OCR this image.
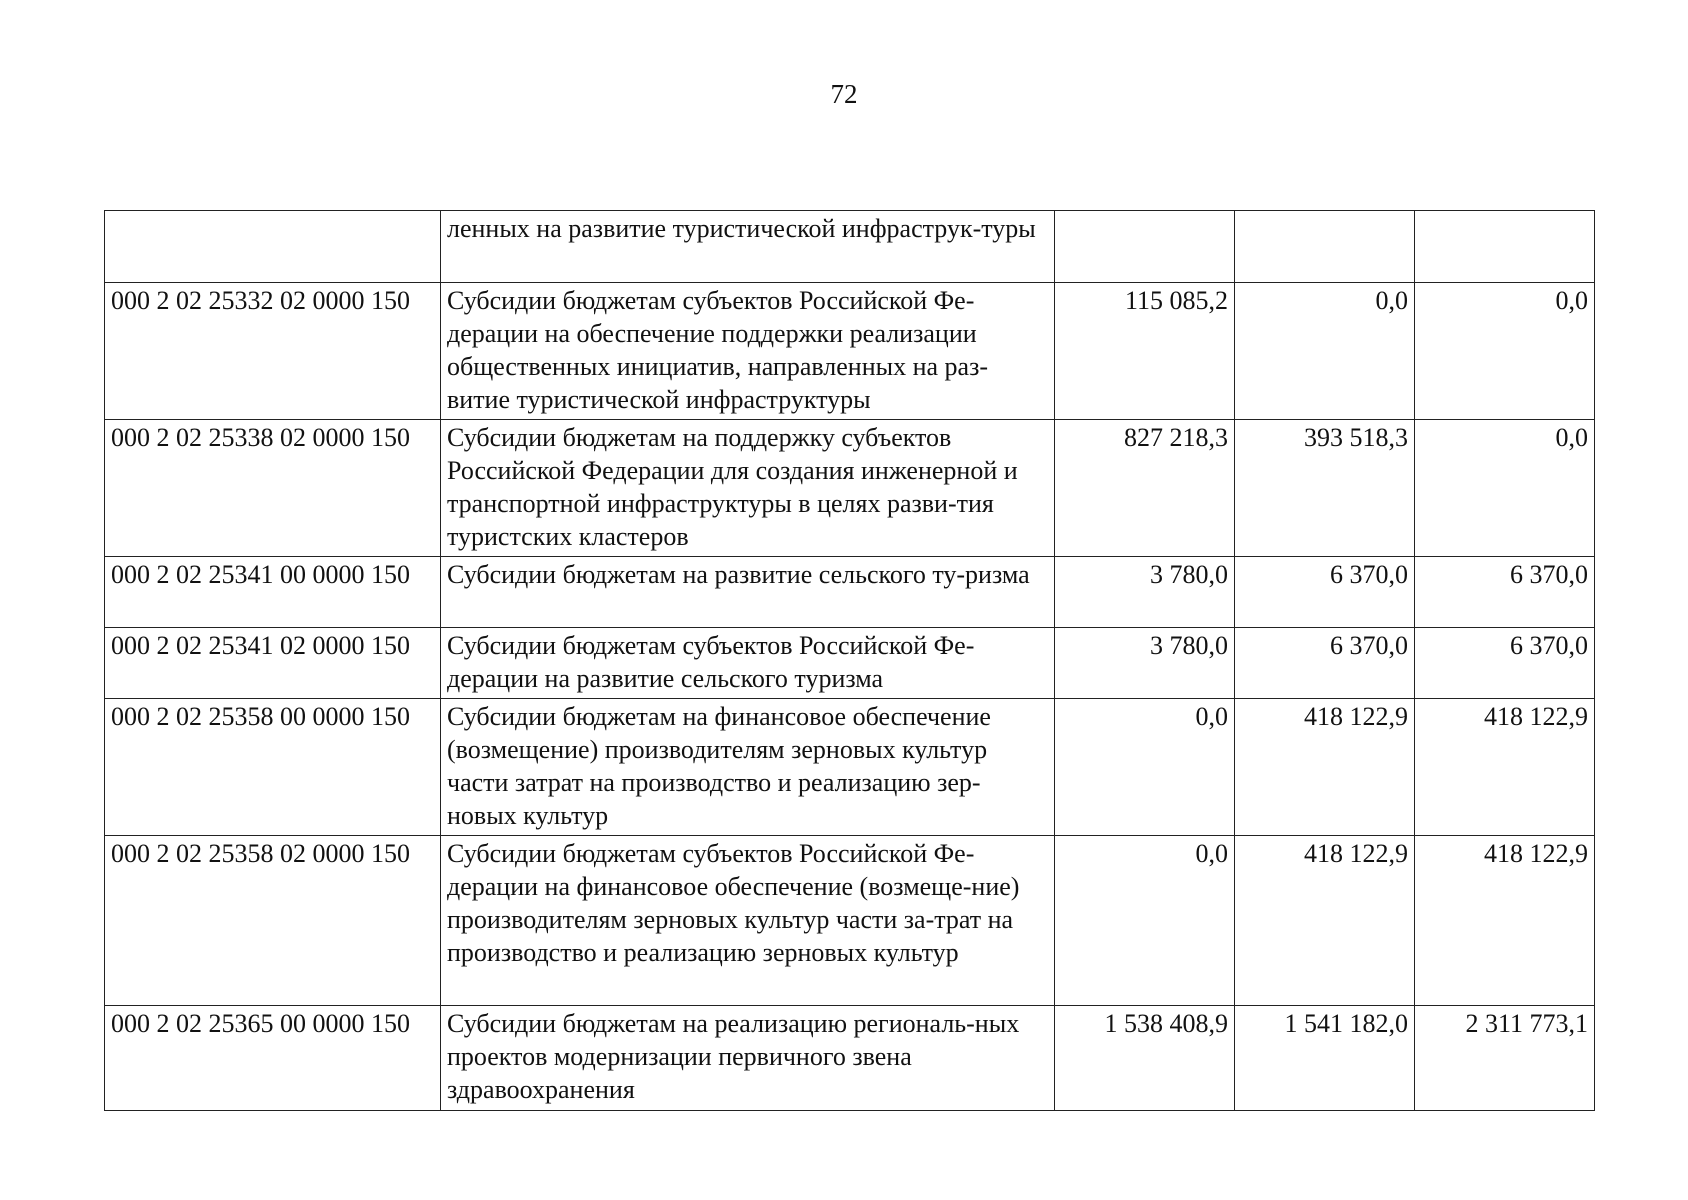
72
	ленных на развитие туристической инфраструк-туры			
000 2 02 25332 02 0000 150	Субсидии бюджетам субъектов Российской Фе-дерации на обеспечение поддержки реализации общественных инициатив, направленных на раз-витие туристической инфраструктуры	115 085,2	0,0	0,0
000 2 02 25338 02 0000 150	Субсидии бюджетам на поддержку субъектов Российской Федерации для создания инженерной и транспортной инфраструктуры в целях разви-тия туристских кластеров	827 218,3	393 518,3	0,0
000 2 02 25341 00 0000 150	Субсидии бюджетам на развитие сельского ту-ризма	3 780,0	6 370,0	6 370,0
000 2 02 25341 02 0000 150	Субсидии бюджетам субъектов Российской Фе-дерации на развитие сельского туризма	3 780,0	6 370,0	6 370,0
000 2 02 25358 00 0000 150	Субсидии бюджетам на финансовое обеспечение (возмещение) производителям зерновых культур части затрат на производство и реализацию зер-новых культур	0,0	418 122,9	418 122,9
000 2 02 25358 02 0000 150	Субсидии бюджетам субъектов Российской Фе-дерации на финансовое обеспечение (возмеще-ние) производителям зерновых культур части за-трат на производство и реализацию зерновых культур	0,0	418 122,9	418 122,9
000 2 02 25365 00 0000 150	Субсидии бюджетам на реализацию региональ-ных проектов модернизации первичного звена здравоохранения	1 538 408,9	1 541 182,0	2 311 773,1
